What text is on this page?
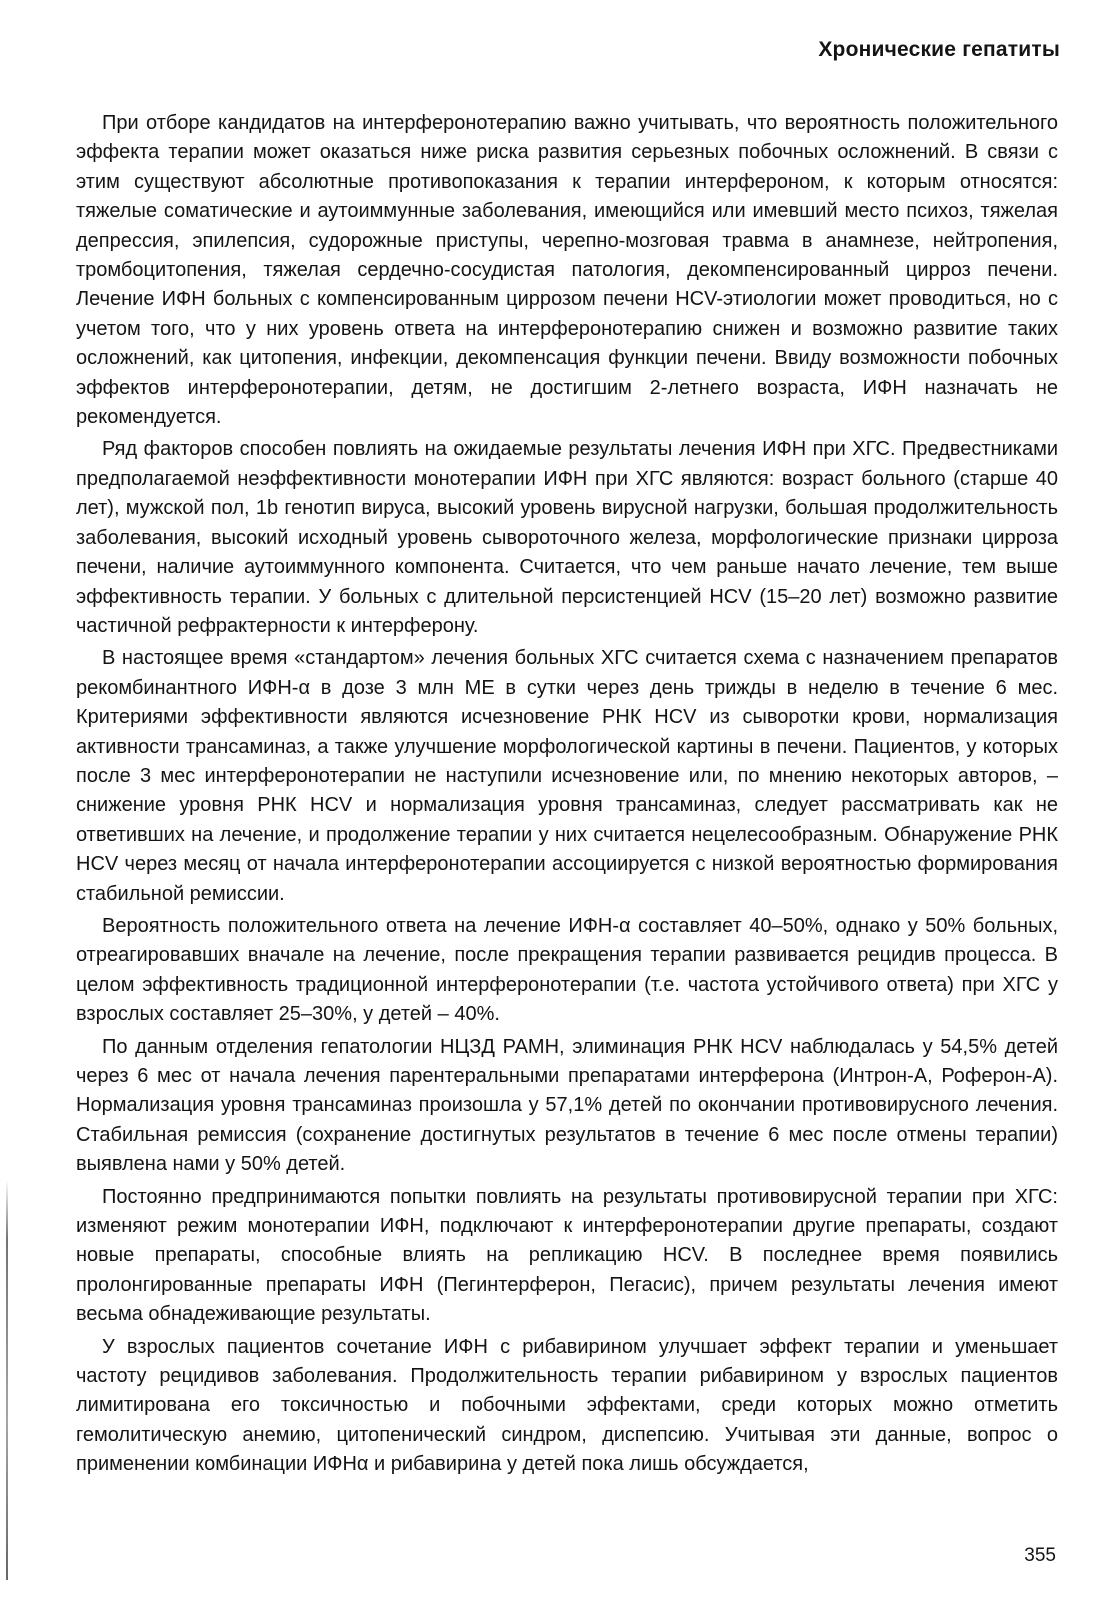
Хронические гепатиты

При отборе кандидатов на интерферонотерапию важно учитывать, что вероятность положительного эффекта терапии может оказаться ниже риска развития серьезных побочных осложнений. В связи с этим существуют абсолютные противопоказания к терапии интерфероном, к которым относятся: тяжелые соматические и аутоиммунные заболевания, имеющийся или имевший место психоз, тяжелая депрессия, эпилепсия, судорожные приступы, черепно-мозговая травма в анамнезе, нейтропения, тромбоцитопения, тяжелая сердечно-сосудистая патология, декомпенсированный цирроз печени. Лечение ИФН больных с компенсированным циррозом печени HCV-этиологии может проводиться, но с учетом того, что у них уровень ответа на интерферонотерапию снижен и возможно развитие таких осложнений, как цитопения, инфекции, декомпенсация функции печени. Ввиду возможности побочных эффектов интерферонотерапии, детям, не достигшим 2-летнего возраста, ИФН назначать не рекомендуется.

Ряд факторов способен повлиять на ожидаемые результаты лечения ИФН при ХГС. Предвестниками предполагаемой неэффективности монотерапии ИФН при ХГС являются: возраст больного (старше 40 лет), мужской пол, 1b генотип вируса, высокий уровень вирусной нагрузки, большая продолжительность заболевания, высокий исходный уровень сывороточного железа, морфологические признаки цирроза печени, наличие аутоиммунного компонента. Считается, что чем раньше начато лечение, тем выше эффективность терапии. У больных с длительной персистенцией HCV (15–20 лет) возможно развитие частичной рефрактерности к интерферону.

В настоящее время «стандартом» лечения больных ХГС считается схема с назначением препаратов рекомбинантного ИФН-α в дозе 3 млн МЕ в сутки через день трижды в неделю в течение 6 мес. Критериями эффективности являются исчезновение РНК HCV из сыворотки крови, нормализация активности трансаминаз, а также улучшение морфологической картины в печени. Пациентов, у которых после 3 мес интерферонотерапии не наступили исчезновение или, по мнению некоторых авторов, – снижение уровня РНК HCV и нормализация уровня трансаминаз, следует рассматривать как не ответивших на лечение, и продолжение терапии у них считается нецелесообразным. Обнаружение РНК HCV через месяц от начала интерферонотерапии ассоциируется с низкой вероятностью формирования стабильной ремиссии.

Вероятность положительного ответа на лечение ИФН-α составляет 40–50%, однако у 50% больных, отреагировавших вначале на лечение, после прекращения терапии развивается рецидив процесса. В целом эффективность традиционной интерферонотерапии (т.е. частота устойчивого ответа) при ХГС у взрослых составляет 25–30%, у детей – 40%.

По данным отделения гепатологии НЦЗД РАМН, элиминация РНК HCV наблюдалась у 54,5% детей через 6 мес от начала лечения парентеральными препаратами интерферона (Интрон-А, Роферон-А). Нормализация уровня трансаминаз произошла у 57,1% детей по окончании противовирусного лечения. Стабильная ремиссия (сохранение достигнутых результатов в течение 6 мес после отмены терапии) выявлена нами у 50% детей.

Постоянно предпринимаются попытки повлиять на результаты противовирусной терапии при ХГС: изменяют режим монотерапии ИФН, подключают к интерферонотерапии другие препараты, создают новые препараты, способные влиять на репликацию HCV. В последнее время появились пролонгированные препараты ИФН (Пегинтерферон, Пегасис), причем результаты лечения имеют весьма обнадеживающие результаты.

У взрослых пациентов сочетание ИФН с рибавирином улучшает эффект терапии и уменьшает частоту рецидивов заболевания. Продолжительность терапии рибавирином у взрослых пациентов лимитирована его токсичностью и побочными эффектами, среди которых можно отметить гемолитическую анемию, цитопенический синдром, диспепсию. Учитывая эти данные, вопрос о применении комбинации ИФНα и рибавирина у детей пока лишь обсуждается,

355
